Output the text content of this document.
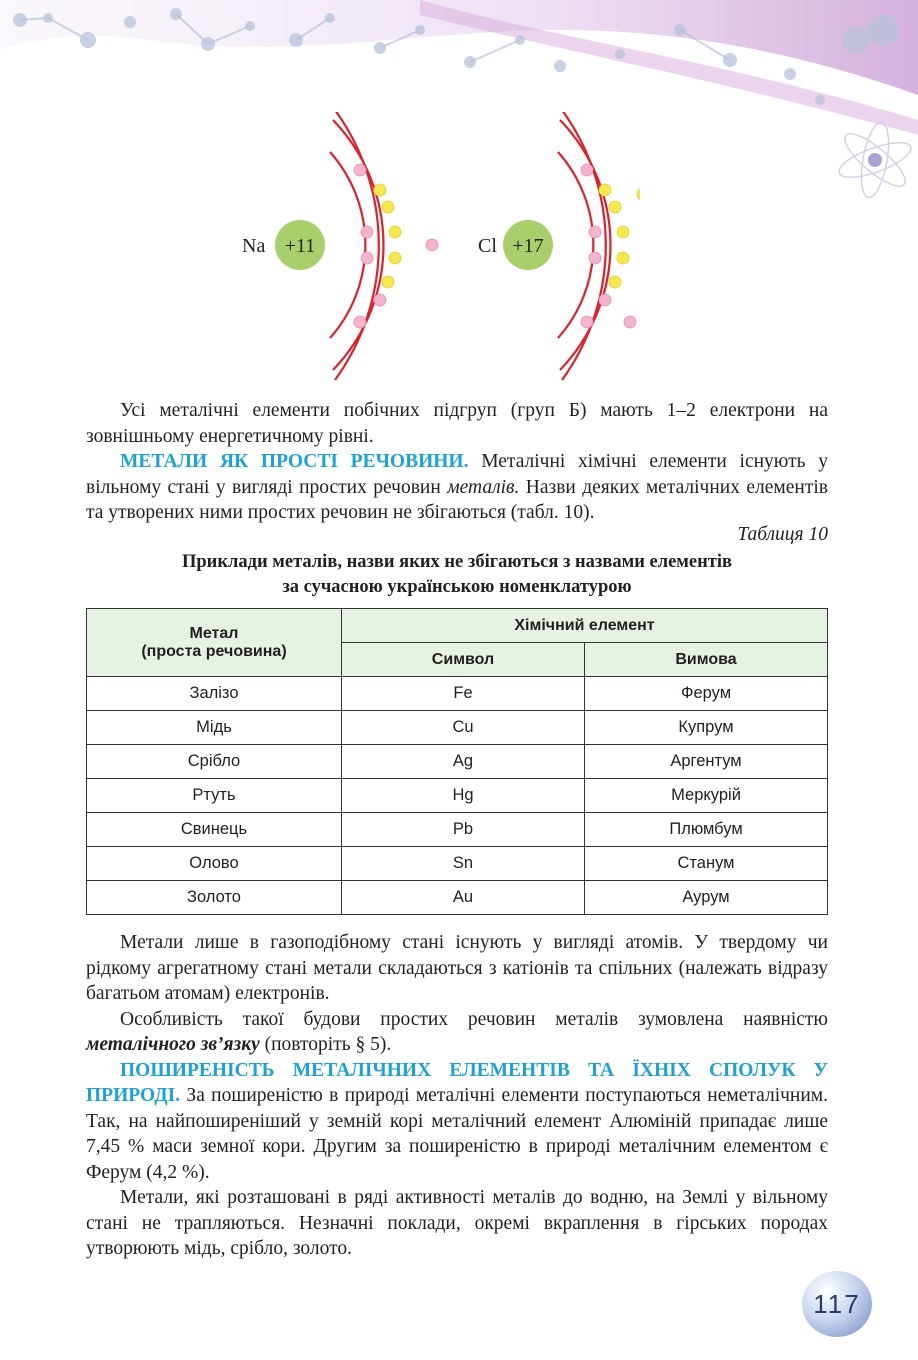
Na +11	Cl +17

Усі металічні елементи побічних підгруп (груп Б) мають 1–2 електрони на зовнішньому енергетичному рівні.

МЕТАЛИ ЯК ПРОСТІ РЕЧОВИНИ. Металічні хімічні елементи існують у вільному стані у вигляді простих речовин металів. Назви деяких металічних елементів та утворених ними простих речовин не збігаються (табл. 10).

Таблиця 10
Приклади металів, назви яких не збігаються з назвами елементів
за сучасною українською номенклатурою
Метал
(проста речовина)	Хімічний елемент	
	Символ	Вимова
Залізо	Fe	Ферум
Мідь	Cu	Купрум
Срібло	Ag	Аргентум
Ртуть	Hg	Меркурій
Свинець	Pb	Плюмбум
Олово	Sn	Станум
Золото	Au	Аурум

Метали лише в газоподібному стані існують у вигляді атомів. У твердому чи рідкому агрегатному стані метали складаються з катіонів та спільних (належать відразу багатьом атомам) електронів.

Особливість такої будови простих речовин металів зумовлена наявністю металічного зв’язку (повторіть § 5).

ПОШИРЕНІСТЬ МЕТАЛІЧНИХ ЕЛЕМЕНТІВ ТА ЇХНІХ СПОЛУК У ПРИРОДІ. За поширеністю в природі металічні елементи поступаються неметалічним. Так, на найпоширеніший у земній корі металічний елемент Алюміній припадає лише 7,45 % маси земної кори. Другим за поширеністю в природі металічним елементом є Ферум (4,2 %).

Метали, які розташовані в ряді активності металів до водню, на Землі у вільному стані не трапляються. Незначні поклади, окремі вкраплення в гірських породах утворюють мідь, срібло, золото.

117
